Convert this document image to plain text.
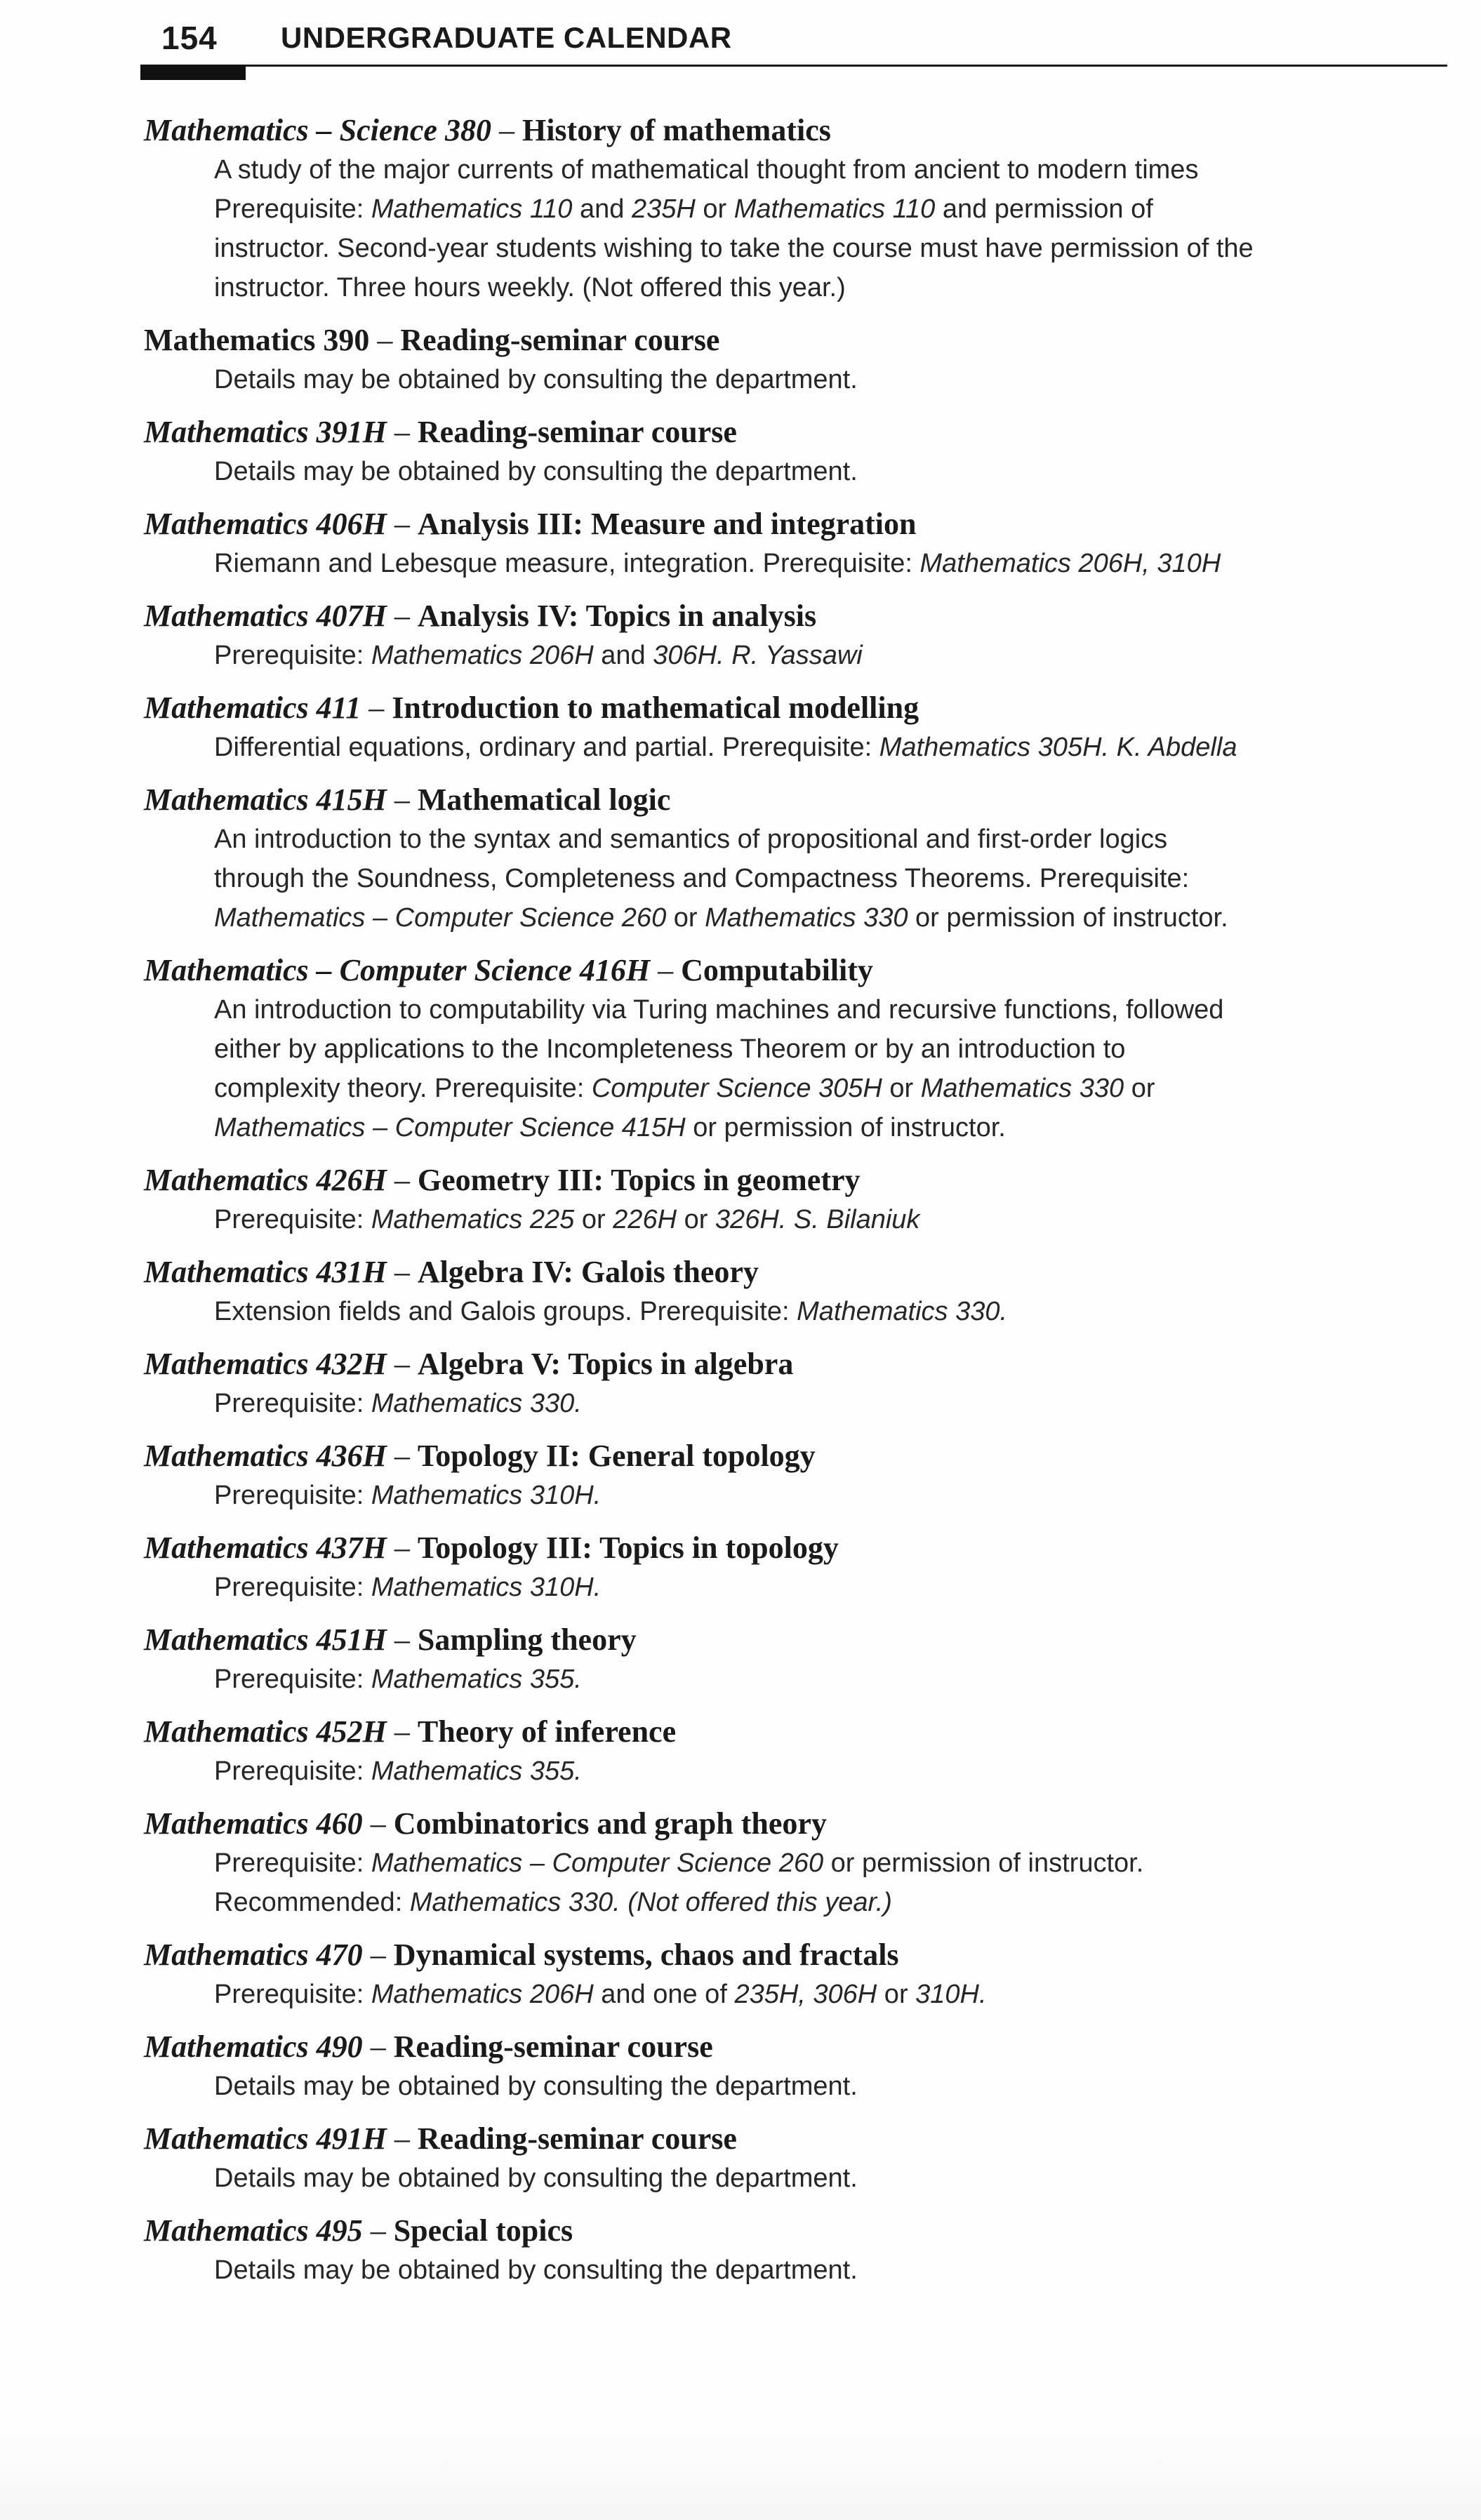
154 UNDERGRADUATE CALENDAR
Mathematics – Science 380 – History of mathematics
A study of the major currents of mathematical thought from ancient to modern times
Prerequisite: Mathematics 110 and 235H or Mathematics 110 and permission of
instructor. Second-year students wishing to take the course must have permission of the
instructor. Three hours weekly. (Not offered this year.)
Mathematics 390 – Reading-seminar course
Details may be obtained by consulting the department.
Mathematics 391H – Reading-seminar course
Details may be obtained by consulting the department.
Mathematics 406H – Analysis III: Measure and integration
Riemann and Lebesque measure, integration. Prerequisite: Mathematics 206H, 310H
Mathematics 407H – Analysis IV: Topics in analysis
Prerequisite: Mathematics 206H and 306H. R. Yassawi
Mathematics 411 – Introduction to mathematical modelling
Differential equations, ordinary and partial. Prerequisite: Mathematics 305H. K. Abdella
Mathematics 415H – Mathematical logic
An introduction to the syntax and semantics of propositional and first-order logics
through the Soundness, Completeness and Compactness Theorems. Prerequisite:
Mathematics – Computer Science 260 or Mathematics 330 or permission of instructor.
Mathematics – Computer Science 416H – Computability
An introduction to computability via Turing machines and recursive functions, followed
either by applications to the Incompleteness Theorem or by an introduction to
complexity theory. Prerequisite: Computer Science 305H or Mathematics 330 or
Mathematics – Computer Science 415H or permission of instructor.
Mathematics 426H – Geometry III: Topics in geometry
Prerequisite: Mathematics 225 or 226H or 326H. S. Bilaniuk
Mathematics 431H – Algebra IV: Galois theory
Extension fields and Galois groups. Prerequisite: Mathematics 330.
Mathematics 432H – Algebra V: Topics in algebra
Prerequisite: Mathematics 330.
Mathematics 436H – Topology II: General topology
Prerequisite: Mathematics 310H.
Mathematics 437H – Topology III: Topics in topology
Prerequisite: Mathematics 310H.
Mathematics 451H – Sampling theory
Prerequisite: Mathematics 355.
Mathematics 452H – Theory of inference
Prerequisite: Mathematics 355.
Mathematics 460 – Combinatorics and graph theory
Prerequisite: Mathematics – Computer Science 260 or permission of instructor.
Recommended: Mathematics 330. (Not offered this year.)
Mathematics 470 – Dynamical systems, chaos and fractals
Prerequisite: Mathematics 206H and one of 235H, 306H or 310H.
Mathematics 490 – Reading-seminar course
Details may be obtained by consulting the department.
Mathematics 491H – Reading-seminar course
Details may be obtained by consulting the department.
Mathematics 495 – Special topics
Details may be obtained by consulting the department.
